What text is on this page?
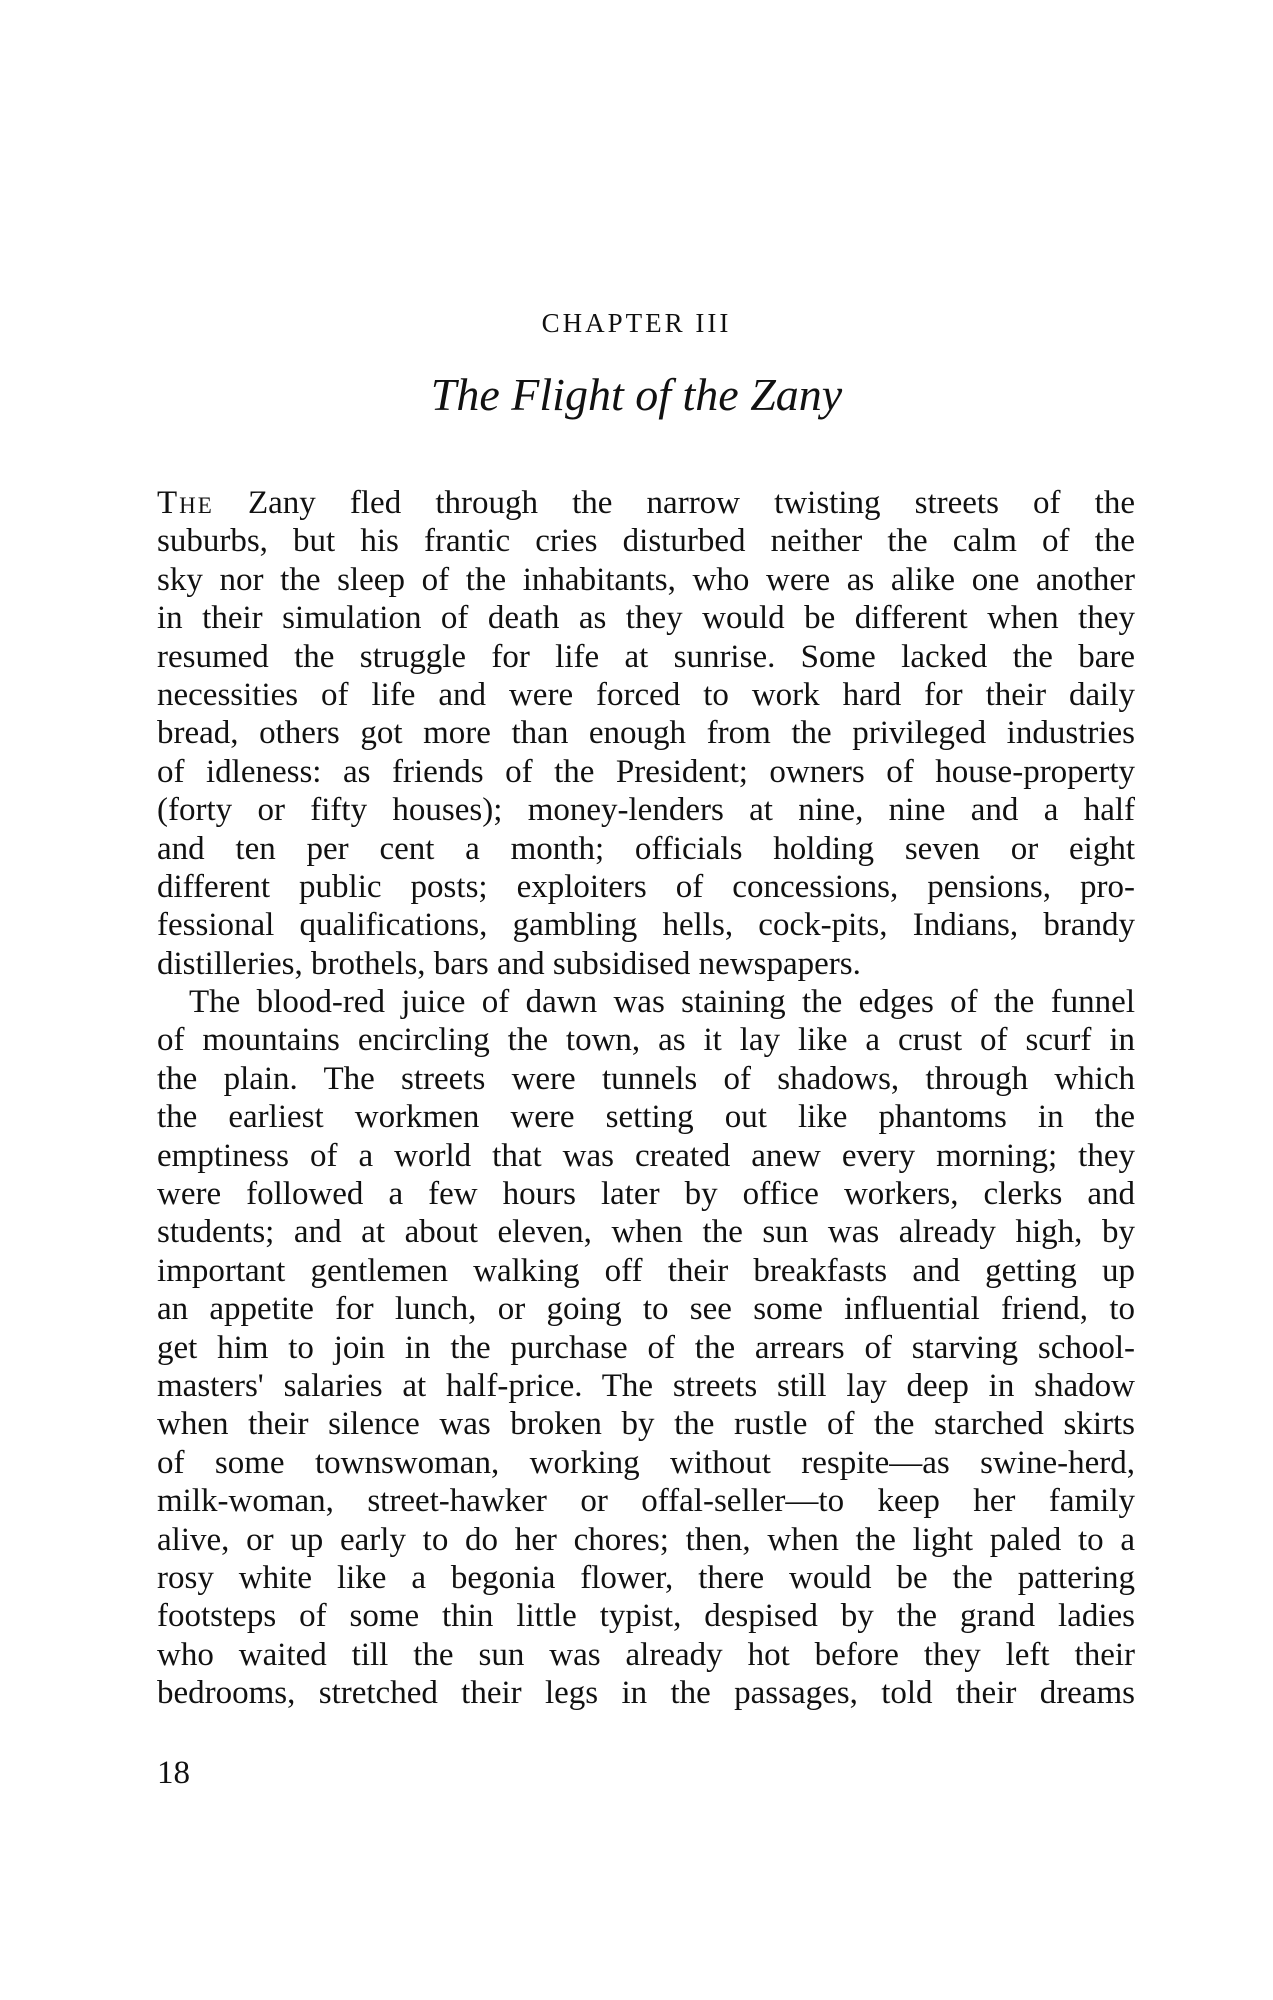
CHAPTER III
The Flight of the Zany
The Zany fled through the narrow twisting streets of the
suburbs, but his frantic cries disturbed neither the calm of the
sky nor the sleep of the inhabitants, who were as alike one another
in their simulation of death as they would be different when they
resumed the struggle for life at sunrise. Some lacked the bare
necessities of life and were forced to work hard for their daily
bread, others got more than enough from the privileged industries
of idleness: as friends of the President; owners of house-property
(forty or fifty houses); money-lenders at nine, nine and a half
and ten per cent a month; officials holding seven or eight
different public posts; exploiters of concessions, pensions, pro-
fessional qualifications, gambling hells, cock-pits, Indians, brandy
distilleries, brothels, bars and subsidised newspapers.
The blood-red juice of dawn was staining the edges of the funnel
of mountains encircling the town, as it lay like a crust of scurf in
the plain. The streets were tunnels of shadows, through which
the earliest workmen were setting out like phantoms in the
emptiness of a world that was created anew every morning; they
were followed a few hours later by office workers, clerks and
students; and at about eleven, when the sun was already high, by
important gentlemen walking off their breakfasts and getting up
an appetite for lunch, or going to see some influential friend, to
get him to join in the purchase of the arrears of starving school-
masters' salaries at half-price. The streets still lay deep in shadow
when their silence was broken by the rustle of the starched skirts
of some townswoman, working without respite—as swine-herd,
milk-woman, street-hawker or offal-seller—to keep her family
alive, or up early to do her chores; then, when the light paled to a
rosy white like a begonia flower, there would be the pattering
footsteps of some thin little typist, despised by the grand ladies
who waited till the sun was already hot before they left their
bedrooms, stretched their legs in the passages, told their dreams
18
